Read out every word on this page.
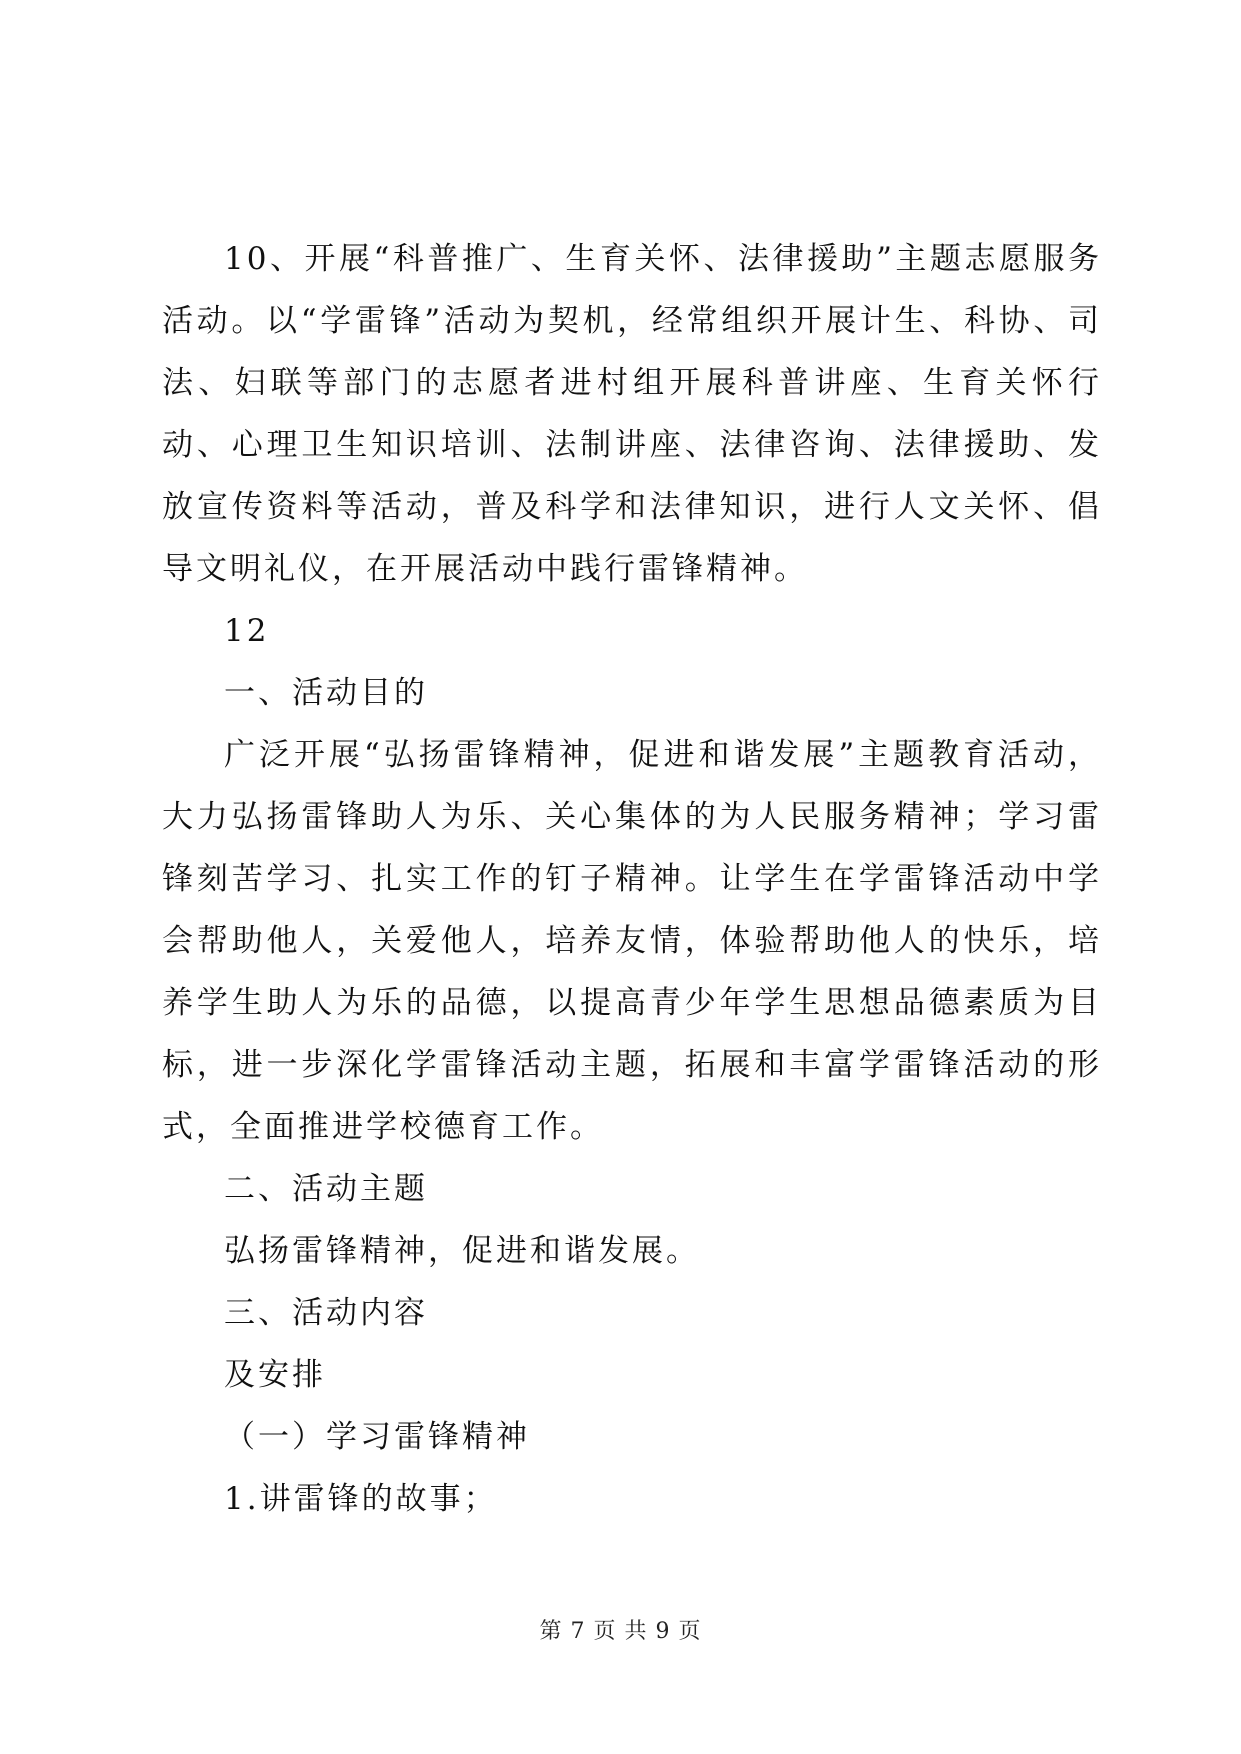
10、开展“科普推广、生育关怀、法律援助”主题志愿服务活动。以“学雷锋”活动为契机，经常组织开展计生、科协、司法、妇联等部门的志愿者进村组开展科普讲座、生育关怀行动、心理卫生知识培训、法制讲座、法律咨询、法律援助、发放宣传资料等活动，普及科学和法律知识，进行人文关怀、倡导文明礼仪，在开展活动中践行雷锋精神。

12

一、活动目的

广泛开展“弘扬雷锋精神，促进和谐发展”主题教育活动，大力弘扬雷锋助人为乐、关心集体的为人民服务精神；学习雷锋刻苦学习、扎实工作的钉子精神。让学生在学雷锋活动中学会帮助他人，关爱他人，培养友情，体验帮助他人的快乐，培养学生助人为乐的品德，以提高青少年学生思想品德素质为目标，进一步深化学雷锋活动主题，拓展和丰富学雷锋活动的形式，全面推进学校德育工作。

二、活动主题

弘扬雷锋精神，促进和谐发展。

三、活动内容

及安排

（一）学习雷锋精神

1.讲雷锋的故事；

第 7 页 共 9 页
